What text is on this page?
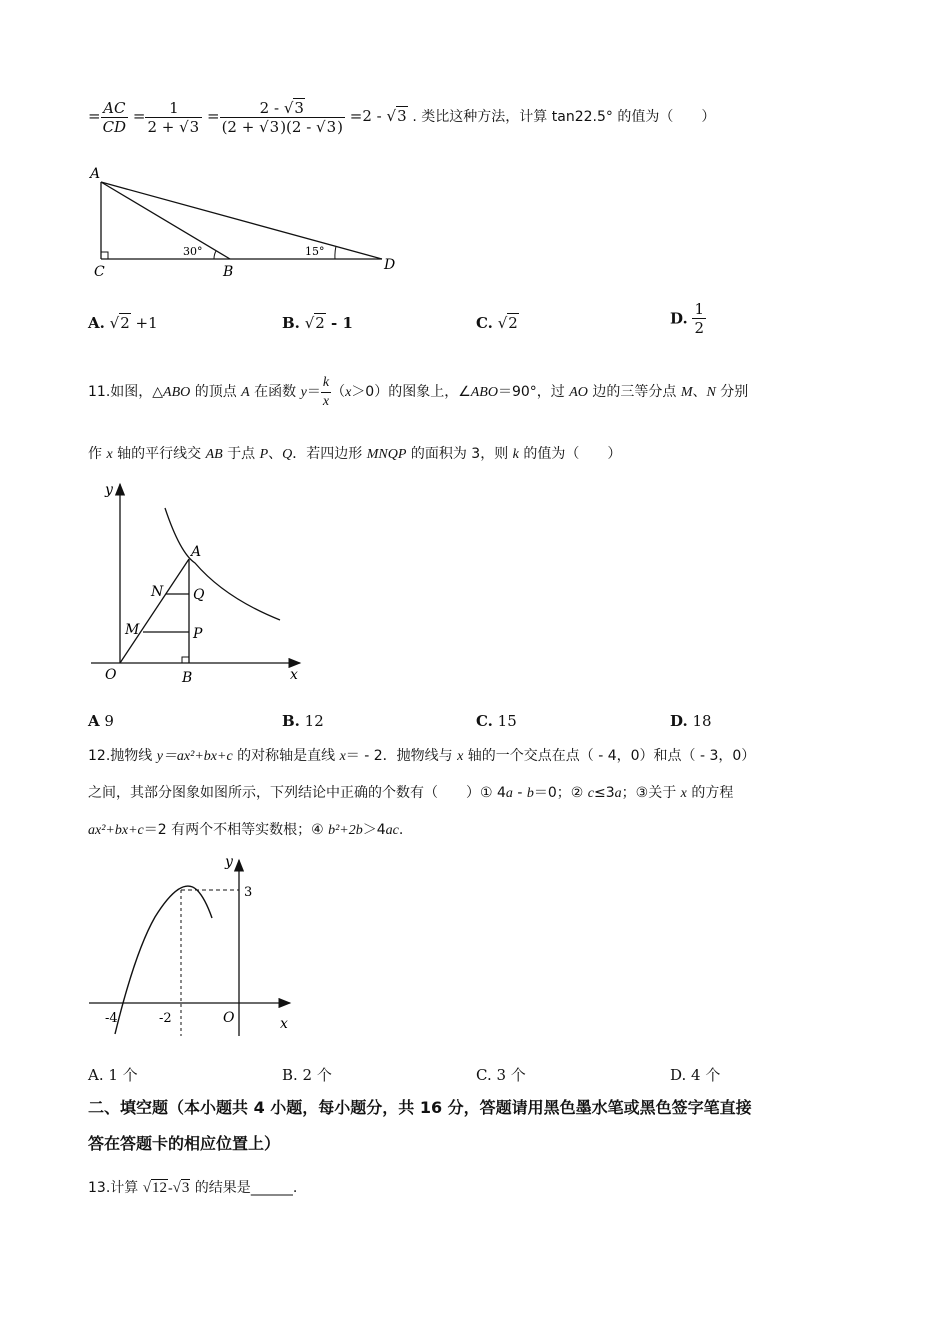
= $\frac{AC}{CD} = \frac{1}{2 + √3} = \frac{2 - √3}{(2 + √3)(2 - √3)} =2 - √3$ . 类比这种方法，计算 tan22.5° 的值为（　　）
A
C	B	D
30°	15°
A. √2 +1	B. √2 - 1	C. √2	D. $\frac{1}{2}$
11.如图，△ABO 的顶点 A 在函数 $y= \frac{k}{x} (x>0)$的图象上，∠ABO＝90°，过 AO 边的三等分点 M、N 分别
作 x 轴的平行线交 AB 于点 P、Q．若四边形 MNQP 的面积为 3，则 k 的值为（　　）
y
x
O	B
A
N Q
M	P
A 9	B. 12	C. 15	D. 18
12.抛物线 y＝ax²+bx+c 的对称轴是直线 x＝ - 2．抛物线与 x 轴的一个交点在点（ - 4，0）和点（ - 3，0）
之间，其部分图象如图所示，下列结论中正确的个数有（　　）① 4a - b＝0；② c≤3a；③关于 x 的方程
ax²+bx+c＝2 有两个不相等实数根；④ b²+2b＞4ac.
y
3
x
O
-4	-2
A. 1 个	B. 2 个	C. 3 个	D. 4 个
二、填空题（本小题共 4 小题，每小题分，共 16 分，答题请用黑色墨水笔或黑色签字笔直接
答在答题卡的相应位置上）
13.计算 √12-√3 的结果是______.
